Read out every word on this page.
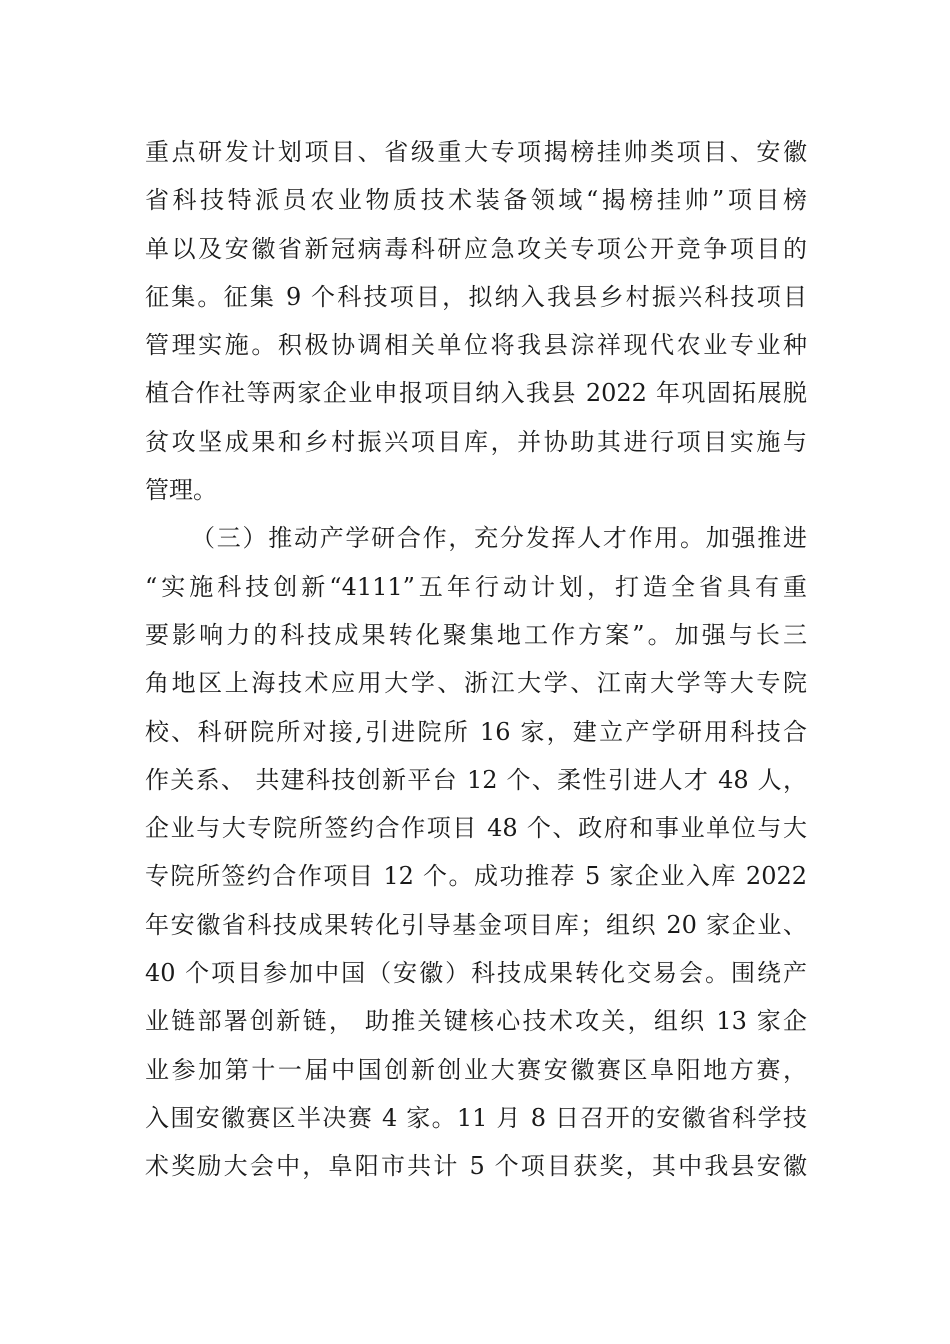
重点研发计划项目、省级重大专项揭榜挂帅类项目、安徽
省科技特派员农业物质技术装备领域“揭榜挂帅”项目榜
单以及安徽省新冠病毒科研应急攻关专项公开竞争项目的
征集。征集 9 个科技项目，拟纳入我县乡村振兴科技项目
管理实施。积极协调相关单位将我县淙祥现代农业专业种
植合作社等两家企业申报项目纳入我县 2022 年巩固拓展脱
贫攻坚成果和乡村振兴项目库，并协助其进行项目实施与
管理。
（三）推动产学研合作，充分发挥人才作用。加强推进
“实施科技创新“4111”五年行动计划，打造全省具有重
要影响力的科技成果转化聚集地工作方案”。加强与长三
角地区上海技术应用大学、浙江大学、江南大学等大专院
校、科研院所对接,引进院所 16 家，建立产学研用科技合
作关系、 共建科技创新平台 12 个、柔性引进人才 48 人，
企业与大专院所签约合作项目 48 个、政府和事业单位与大
专院所签约合作项目 12 个。成功推荐 5 家企业入库 2022
年安徽省科技成果转化引导基金项目库；组织 20 家企业、
40 个项目参加中国（安徽）科技成果转化交易会。围绕产
业链部署创新链， 助推关键核心技术攻关，组织 13 家企
业参加第十一届中国创新创业大赛安徽赛区阜阳地方赛，
入围安徽赛区半决赛 4 家。11 月 8 日召开的安徽省科学技
术奖励大会中，阜阳市共计 5 个项目获奖，其中我县安徽
